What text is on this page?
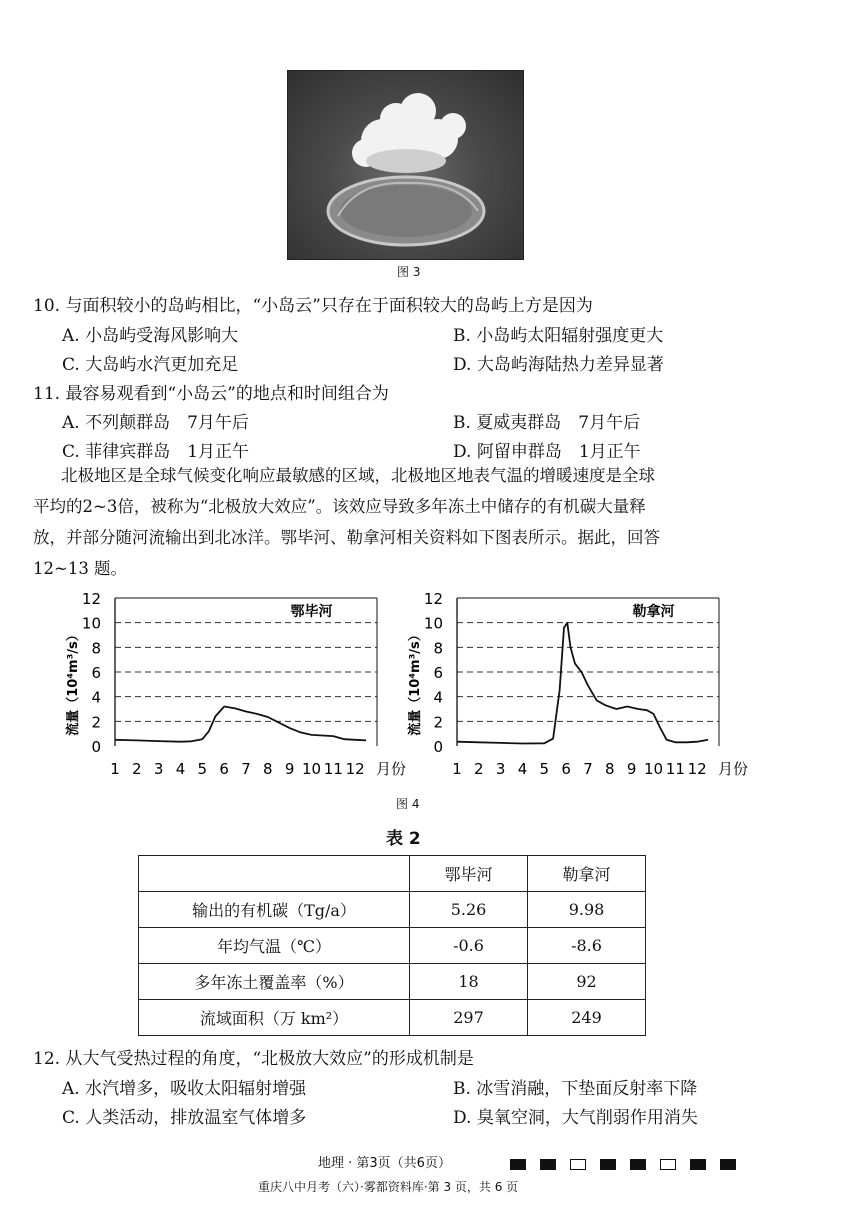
图 3
10. 与面积较小的岛屿相比，“小岛云”只存在于面积较大的岛屿上方是因为
A. 小岛屿受海风影响大	B. 小岛屿太阳辐射强度更大
C. 大岛屿水汽更加充足	D. 大岛屿海陆热力差异显著
11. 最容易观看到“小岛云”的地点和时间组合为
A. 不列颠群岛　7月午后	B. 夏威夷群岛　7月午后
C. 菲律宾群岛　1月正午	D. 阿留申群岛　1月正午
北极地区是全球气候变化响应最敏感的区域，北极地区地表气温的增暖速度是全球
平均的2~3倍，被称为“北极放大效应”。该效应导致多年冻土中储存的有机碳大量释
放，并部分随河流输出到北冰洋。鄂毕河、勒拿河相关资料如下图表所示。据此，回答
12~13 题。
0
2
4
6
8
10
12
1 2 3 4 5 6 7 8 9 10 11 12 月份
流量（10⁴m³/s）
鄂毕河
0
2
4
6
8
10
12
1 2 3 4 5 6 7 8 9 10 11 12 月份
流量（10⁴m³/s）
勒拿河
图 4
表 2
	鄂毕河	勒拿河
输出的有机碳（Tg/a）	5.26	9.98
年均气温（℃）	-0.6	-8.6
多年冻土覆盖率（%）	18	92
流域面积（万 km²）	297	249
12. 从大气受热过程的角度，“北极放大效应”的形成机制是
A. 水汽增多，吸收太阳辐射增强	B. 冰雪消融，下垫面反射率下降
C. 人类活动，排放温室气体增多	D. 臭氧空洞，大气削弱作用消失
地理 · 第3页（共6页）
重庆八中月考（六）·雾都资料库·第 3 页，共 6 页
